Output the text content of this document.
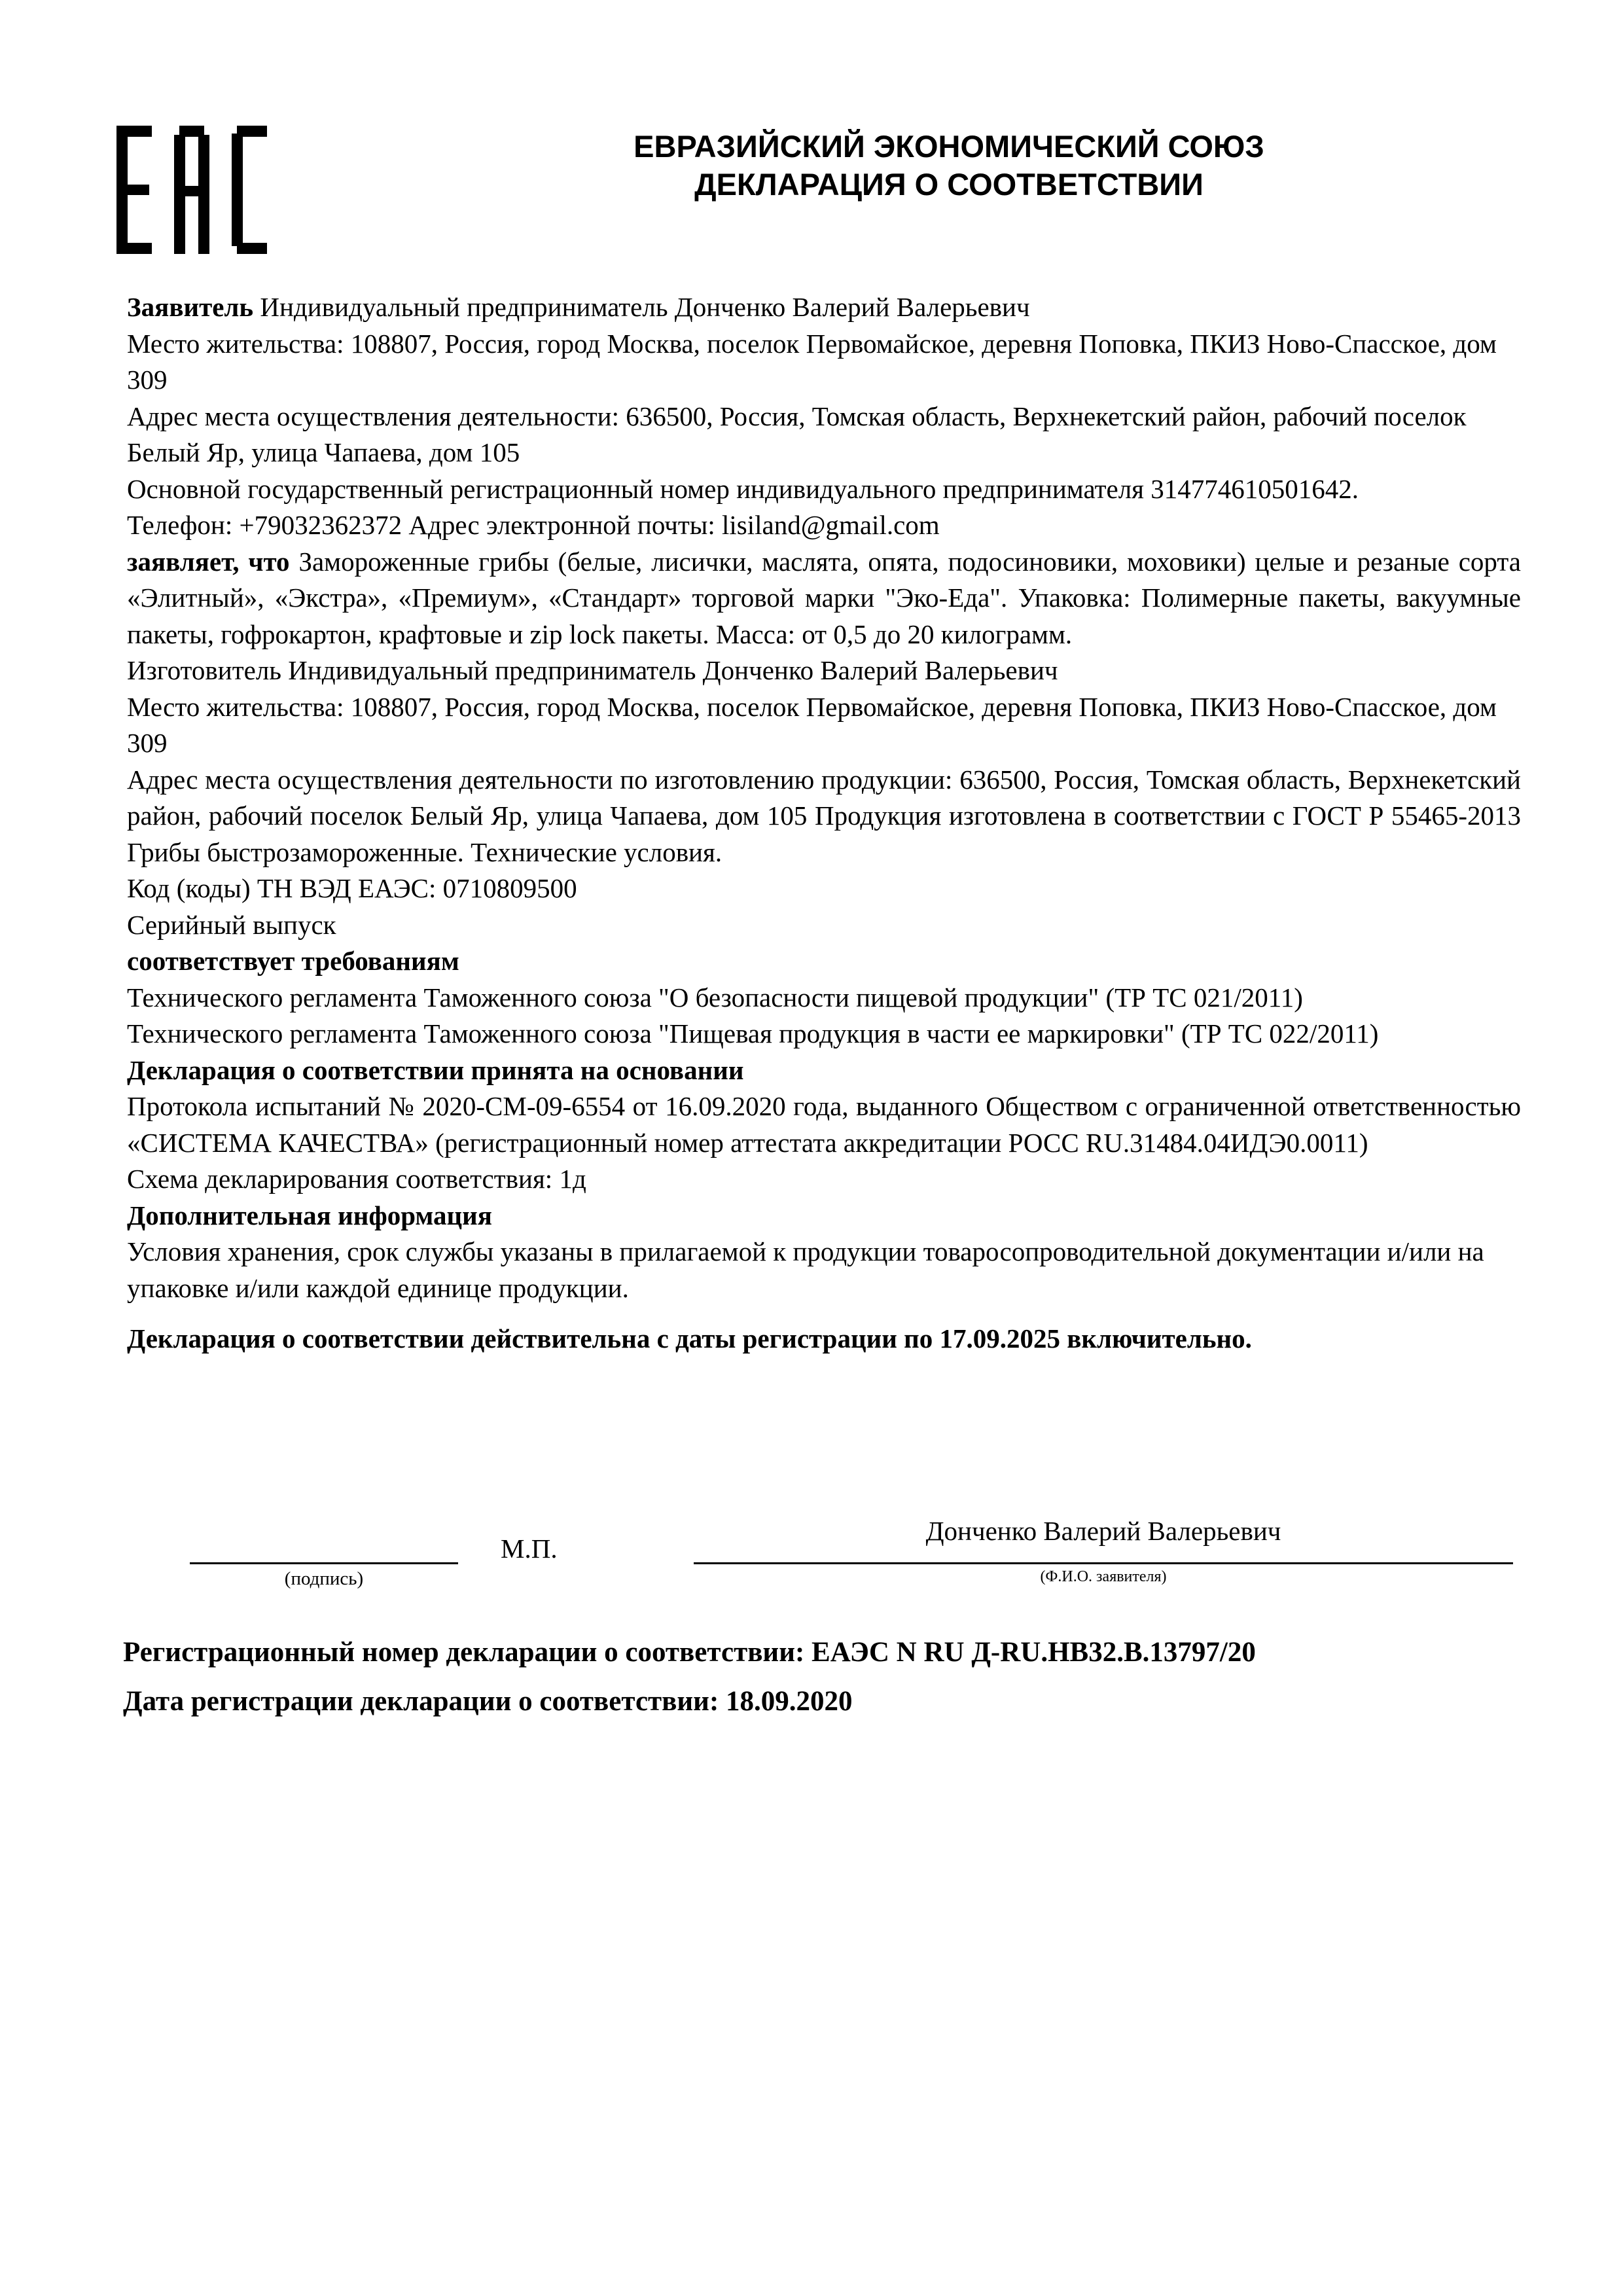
ЕВРАЗИЙСКИЙ ЭКОНОМИЧЕСКИЙ СОЮЗ
ДЕКЛАРАЦИЯ О СООТВЕТСТВИИ

Заявитель Индивидуальный предприниматель Донченко Валерий Валерьевич

Место жительства: 108807, Россия, город Москва, поселок Первомайское, деревня Поповка, ПКИЗ Ново-Спасское, дом 309

Адрес места осуществления деятельности: 636500, Россия, Томская область, Верхнекетский район, рабочий поселок Белый Яр, улица Чапаева, дом 105

Основной государственный регистрационный номер индивидуального предпринимателя 314774610501642.

Телефон: +79032362372 Адрес электронной почты: lisiland@gmail.com

заявляет, что Замороженные грибы (белые, лисички, маслята, опята, подосиновики, моховики) целые и резаные сорта «Элитный», «Экстра», «Премиум», «Стандарт» торговой марки "Эко-Еда". Упаковка: Полимерные пакеты, вакуумные пакеты, гофрокартон, крафтовые и zip lock пакеты. Масса: от 0,5 до 20 килограмм.

Изготовитель Индивидуальный предприниматель Донченко Валерий Валерьевич

Место жительства: 108807, Россия, город Москва, поселок Первомайское, деревня Поповка, ПКИЗ Ново-Спасское, дом 309

Адрес места осуществления деятельности по изготовлению продукции: 636500, Россия, Томская область, Верхнекетский район, рабочий поселок Белый Яр, улица Чапаева, дом 105 Продукция изготовлена в соответствии с ГОСТ Р 55465-2013 Грибы быстрозамороженные. Технические условия.

Код (коды) ТН ВЭД ЕАЭС: 0710809500

Серийный выпуск

соответствует требованиям

Технического регламента Таможенного союза "О безопасности пищевой продукции" (ТР ТС 021/2011)

Технического регламента Таможенного союза "Пищевая продукция в части ее маркировки" (ТР ТС 022/2011)

Декларация о соответствии принята на основании

Протокола испытаний № 2020-СМ-09-6554 от 16.09.2020 года, выданного Обществом с ограниченной ответственностью «СИСТЕМА КАЧЕСТВА» (регистрационный номер аттестата аккредитации РОСС RU.31484.04ИДЭ0.0011)

Схема декларирования соответствия: 1д

Дополнительная информация

Условия хранения, срок службы указаны в прилагаемой к продукции товаросопроводительной документации и/или на упаковке и/или каждой единице продукции.

Декларация о соответствии действительна с даты регистрации по 17.09.2025 включительно.

(подпись)
М.П.
Донченко Валерий Валерьевич
(Ф.И.О. заявителя)
Регистрационный номер декларации о соответствии: ЕАЭС N RU Д-RU.НВ32.В.13797/20
Дата регистрации декларации о соответствии: 18.09.2020
